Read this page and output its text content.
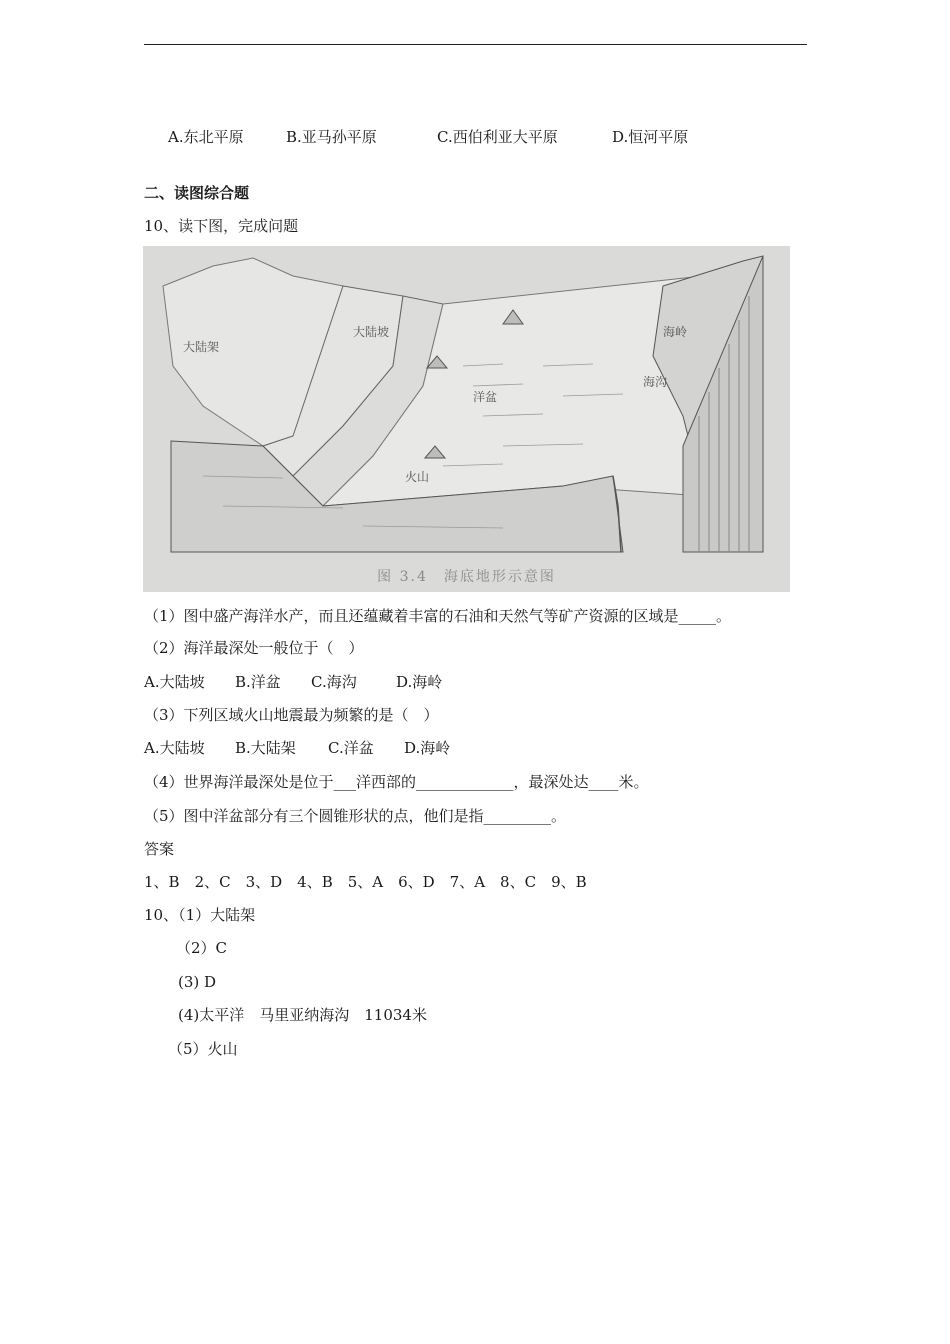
A.东北平原	B.亚马孙平原	C.西伯利亚大平原	D.恒河平原
二、读图综合题
10、读下图，完成问题
大陆架
大陆坡
海沟
海岭
洋盆
火山
图 3.4　海底地形示意图
（1）图中盛产海洋水产，而且还蕴藏着丰富的石油和天然气等矿产资源的区域是_____。
（2）海洋最深处一般位于（　）
A.大陆坡 B.洋盆 C.海沟	D.海岭
（3）下列区域火山地震最为频繁的是（　）
A.大陆坡 B.大陆架 C.洋盆 D.海岭
（4）世界海洋最深处是位于___洋西部的_____________，最深处达____米。
（5）图中洋盆部分有三个圆锥形状的点，他们是指_________。
答案
1、B　2、C　3、D　4、B　5、A　6、D　7、A　8、C　9、B
10、（1）大陆架
（2）C
(3) D
(4)太平洋　马里亚纳海沟　11034米
（5）火山
